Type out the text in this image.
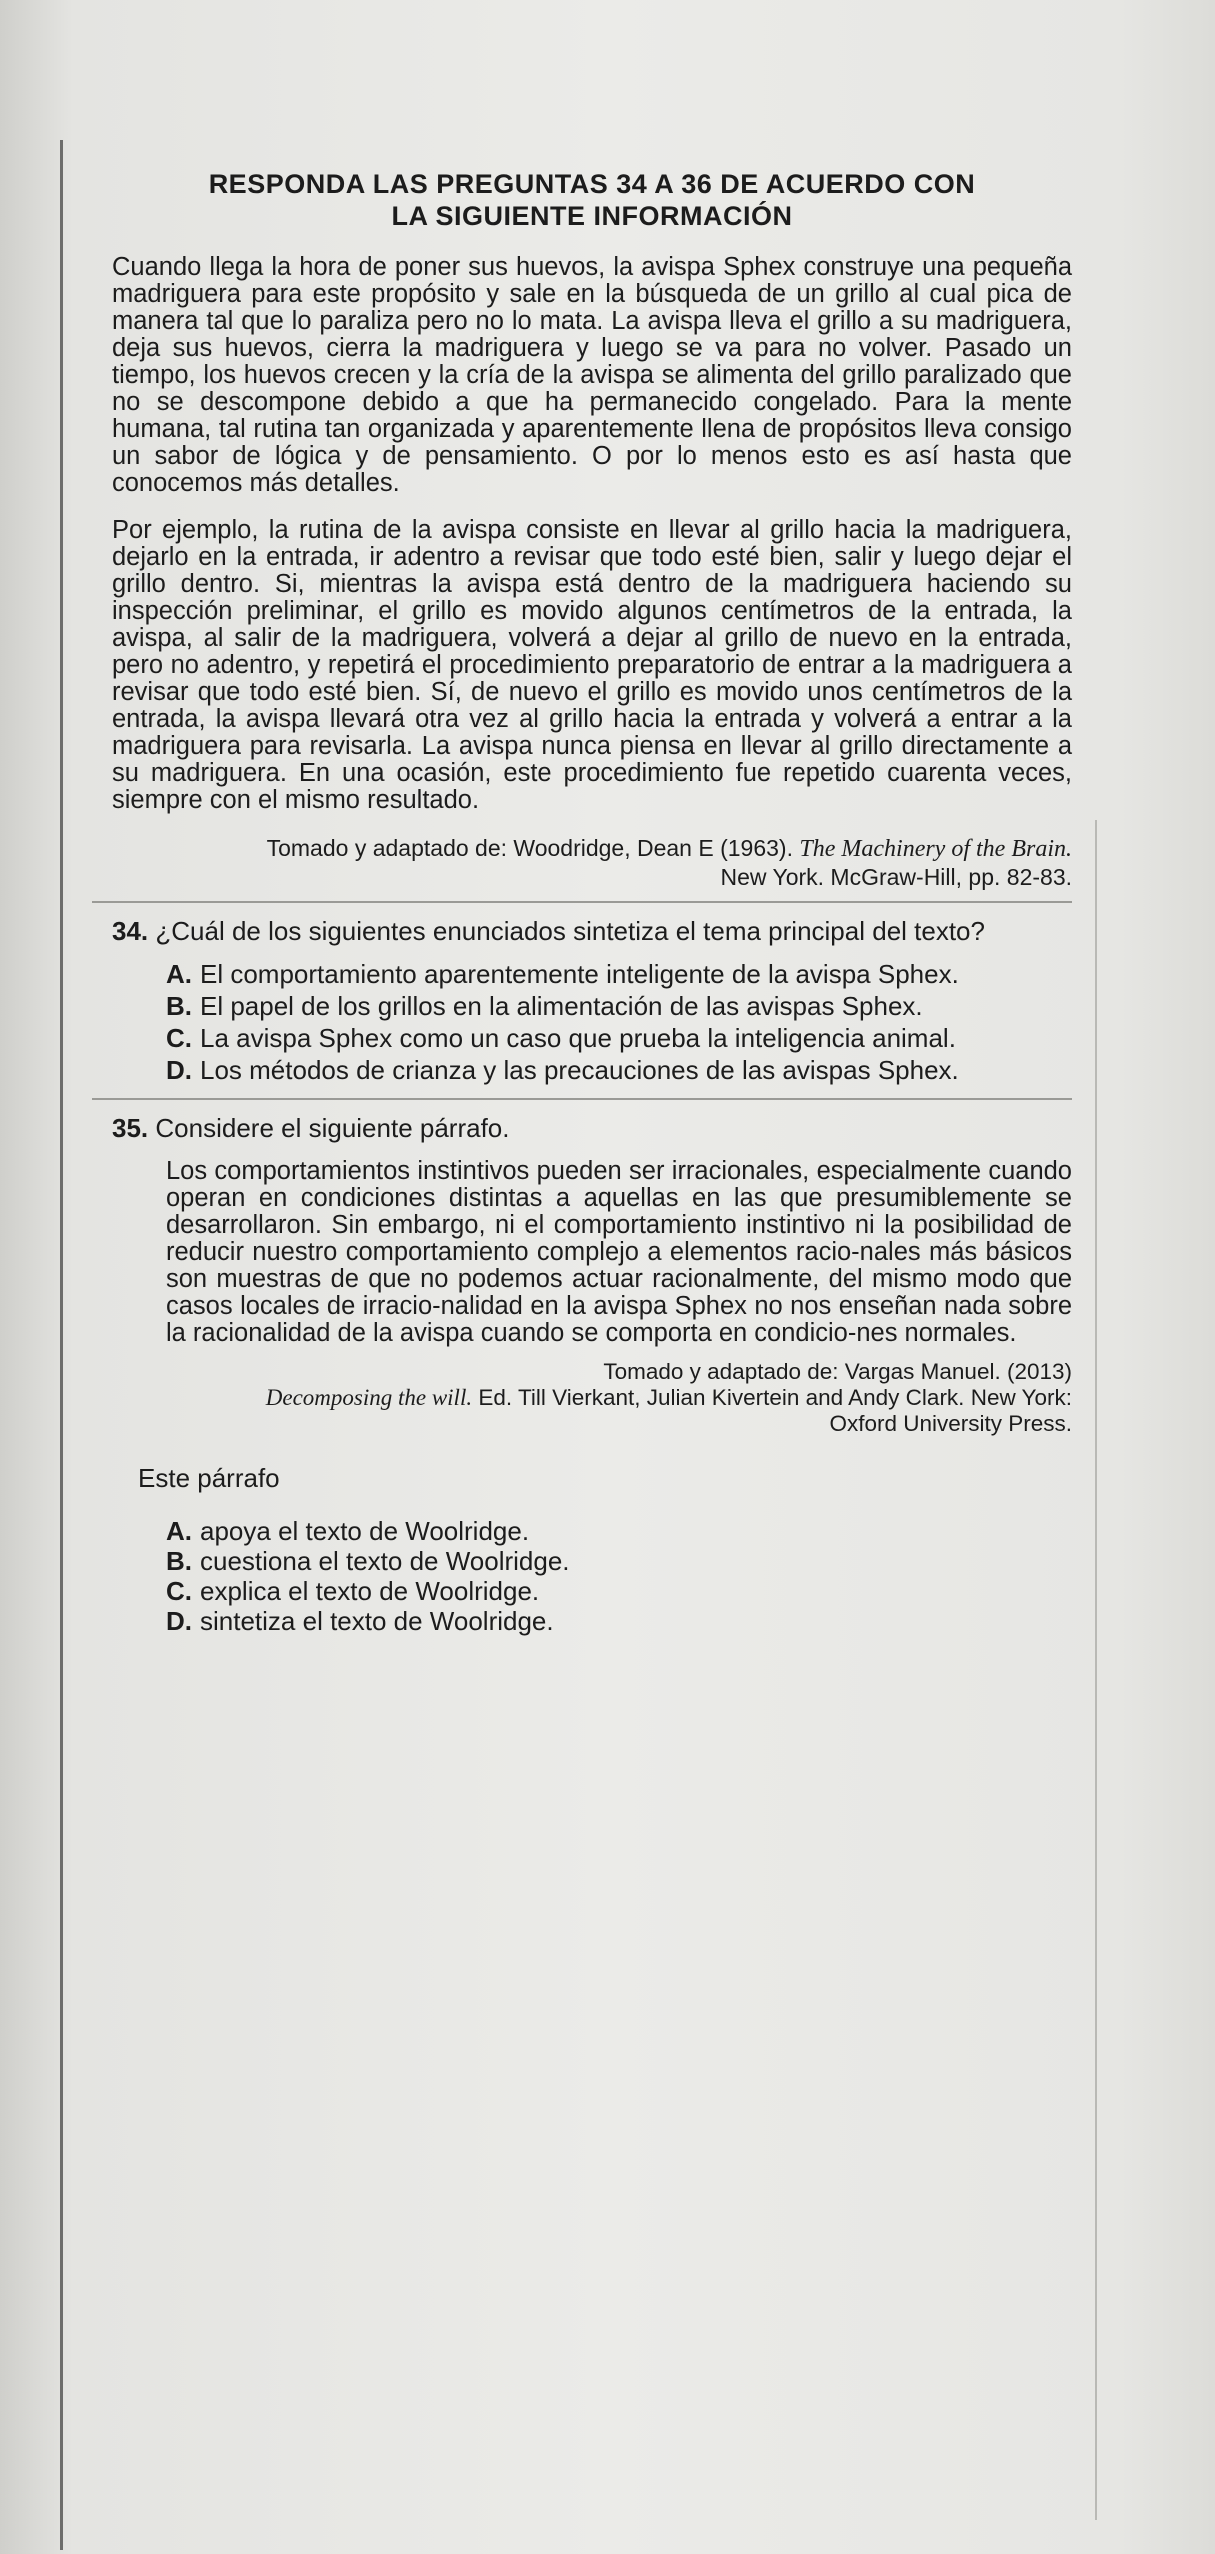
RESPONDA LAS PREGUNTAS 34 A 36 DE ACUERDO CON
LA SIGUIENTE INFORMACIÓN

Cuando llega la hora de poner sus huevos, la avispa Sphex construye una pequeña madriguera para este propósito y sale en la búsqueda de un grillo al cual pica de manera tal que lo paraliza pero no lo mata. La avispa lleva el grillo a su madriguera, deja sus huevos, cierra la madriguera y luego se va para no volver. Pasado un tiempo, los huevos crecen y la cría de la avispa se alimenta del grillo paralizado que no se descompone debido a que ha permanecido congelado. Para la mente humana, tal rutina tan organizada y aparentemente llena de propósitos lleva consigo un sabor de lógica y de pensamiento. O por lo menos esto es así hasta que conocemos más detalles.

Por ejemplo, la rutina de la avispa consiste en llevar al grillo hacia la madriguera, dejarlo en la entrada, ir adentro a revisar que todo esté bien, salir y luego dejar el grillo dentro. Si, mientras la avispa está dentro de la madriguera haciendo su inspección preliminar, el grillo es movido algunos centímetros de la entrada, la avispa, al salir de la madriguera, volverá a dejar al grillo de nuevo en la entrada, pero no adentro, y repetirá el procedimiento preparatorio de entrar a la madriguera a revisar que todo esté bien. Sí, de nuevo el grillo es movido unos centímetros de la entrada, la avispa llevará otra vez al grillo hacia la entrada y volverá a entrar a la madriguera para revisarla. La avispa nunca piensa en llevar al grillo directamente a su madriguera. En una ocasión, este procedimiento fue repetido cuarenta veces, siempre con el mismo resultado.

Tomado y adaptado de: Woodridge, Dean E (1963). The Machinery of the Brain.
New York. McGraw-Hill, pp. 82-83.
34. ¿Cuál de los siguientes enunciados sintetiza el tema principal del texto?
A. El comportamiento aparentemente inteligente de la avispa Sphex.
B. El papel de los grillos en la alimentación de las avispas Sphex.
C. La avispa Sphex como un caso que prueba la inteligencia animal.
D. Los métodos de crianza y las precauciones de las avispas Sphex.
35. Considere el siguiente párrafo.

Los comportamientos instintivos pueden ser irracionales, especialmente cuando operan en condiciones distintas a aquellas en las que presumiblemente se desarrollaron. Sin embargo, ni el comportamiento instintivo ni la posibilidad de reducir nuestro comportamiento complejo a elementos racio-nales más básicos son muestras de que no podemos actuar racionalmente, del mismo modo que casos locales de irracio-nalidad en la avispa Sphex no nos enseñan nada sobre la racionalidad de la avispa cuando se comporta en condicio-nes normales.

Tomado y adaptado de: Vargas Manuel. (2013)
Decomposing the will. Ed. Till Vierkant, Julian Kivertein and Andy Clark. New York:
Oxford University Press.
Este párrafo
A. apoya el texto de Woolridge.
B. cuestiona el texto de Woolridge.
C. explica el texto de Woolridge.
D. sintetiza el texto de Woolridge.
